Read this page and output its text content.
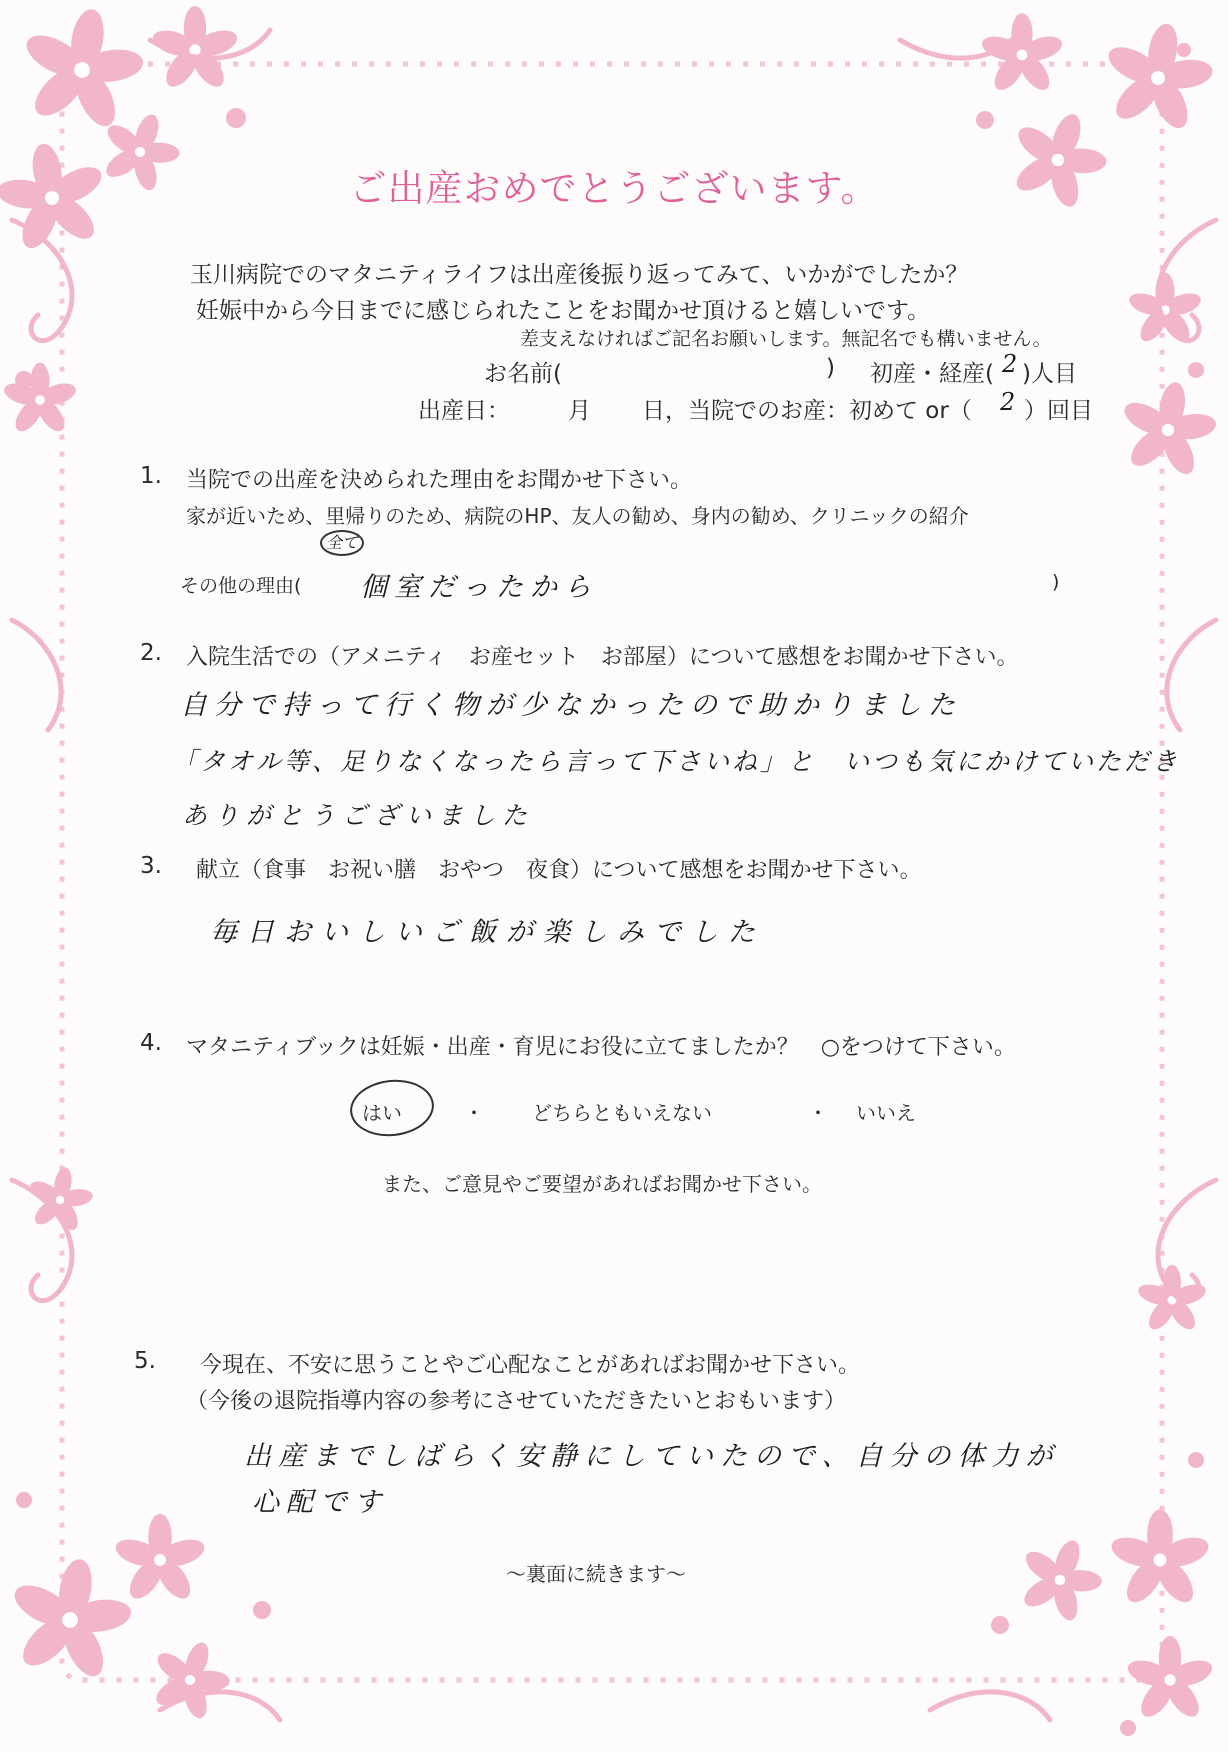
ご出産おめでとうございます。
玉川病院でのマタニティライフは出産後振り返ってみて、いかがでしたか？
妊娠中から今日までに感じられたことをお聞かせ頂けると嬉しいです。
差支えなければご記名お願いします。無記名でも構いません。
お名前(	) 初産・経産( 2 )人目
出産日：	月 日，当院でのお産：初めて or（ 2 ）回目
1. 当院での出産を決められた理由をお聞かせ下さい。
家が近いため、里帰りのため、病院のHP、友人の勧め、身内の勧め、クリニックの紹介
その他の理由(
全て
個室だったから	)
2. 入院生活での（アメニティ　お産セット　お部屋）について感想をお聞かせ下さい。
自分で持って行く物が少なかったので助かりました
「タオル等、足りなくなったら言って下さいね」と　いつも気にかけていただき
ありがとうございました
3. 献立（食事　お祝い膳　おやつ　夜食）について感想をお聞かせ下さい。
毎日おいしいご飯が楽しみでした
4. マタニティブックは妊娠・出産・育児にお役に立てましたか？　○をつけて下さい。
はい	・ どちらともいえない	・ いいえ
また、ご意見やご要望があればお聞かせ下さい。
5. 今現在、不安に思うことやご心配なことがあればお聞かせ下さい。
（今後の退院指導内容の参考にさせていただきたいとおもいます）
出産までしばらく安静にしていたので、自分の体力が
心配です
～裏面に続きます～
